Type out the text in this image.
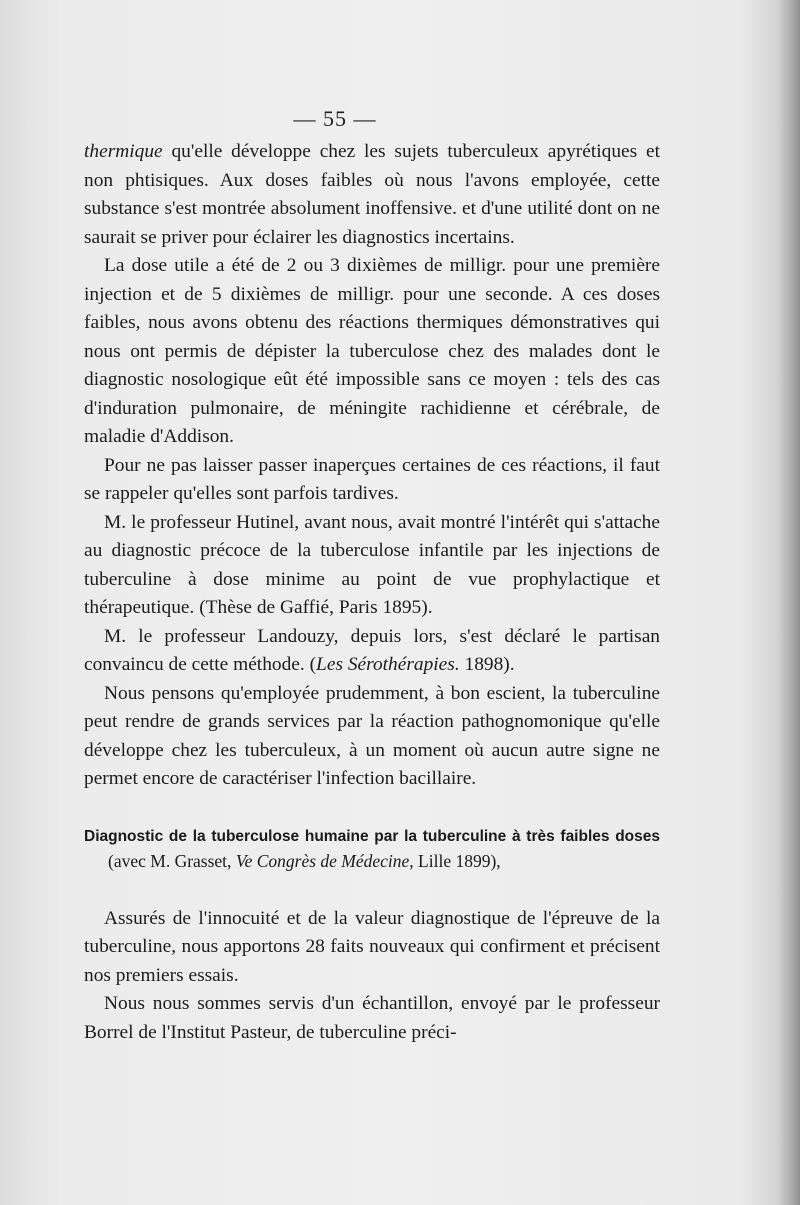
— 55 —

thermique qu'elle développe chez les sujets tuberculeux apyrétiques et non phtisiques. Aux doses faibles où nous l'avons employée, cette substance s'est montrée absolument inoffensive. et d'une utilité dont on ne saurait se priver pour éclairer les diagnostics incertains.

La dose utile a été de 2 ou 3 dixièmes de milligr. pour une première injection et de 5 dixièmes de milligr. pour une seconde. A ces doses faibles, nous avons obtenu des réactions thermiques démonstratives qui nous ont permis de dépister la tuberculose chez des malades dont le diagnostic nosologique eût été impossible sans ce moyen : tels des cas d'induration pulmonaire, de méningite rachidienne et cérébrale, de maladie d'Addison.

Pour ne pas laisser passer inaperçues certaines de ces réactions, il faut se rappeler qu'elles sont parfois tardives.

M. le professeur Hutinel, avant nous, avait montré l'intérêt qui s'attache au diagnostic précoce de la tuberculose infantile par les injections de tuberculine à dose minime au point de vue prophylactique et thérapeutique. (Thèse de Gaffié, Paris 1895).

M. le professeur Landouzy, depuis lors, s'est déclaré le partisan convaincu de cette méthode. (Les Sérothérapies. 1898).

Nous pensons qu'employée prudemment, à bon escient, la tuberculine peut rendre de grands services par la réaction pathognomonique qu'elle développe chez les tuberculeux, à un moment où aucun autre signe ne permet encore de caractériser l'infection bacillaire.

Diagnostic de la tuberculose humaine par la tuberculine à très faibles doses (avec M. Grasset, Ve Congrès de Médecine, Lille 1899),

Assurés de l'innocuité et de la valeur diagnostique de l'épreuve de la tuberculine, nous apportons 28 faits nouveaux qui confirment et précisent nos premiers essais.

Nous nous sommes servis d'un échantillon, envoyé par le professeur Borrel de l'Institut Pasteur, de tuberculine préci-
